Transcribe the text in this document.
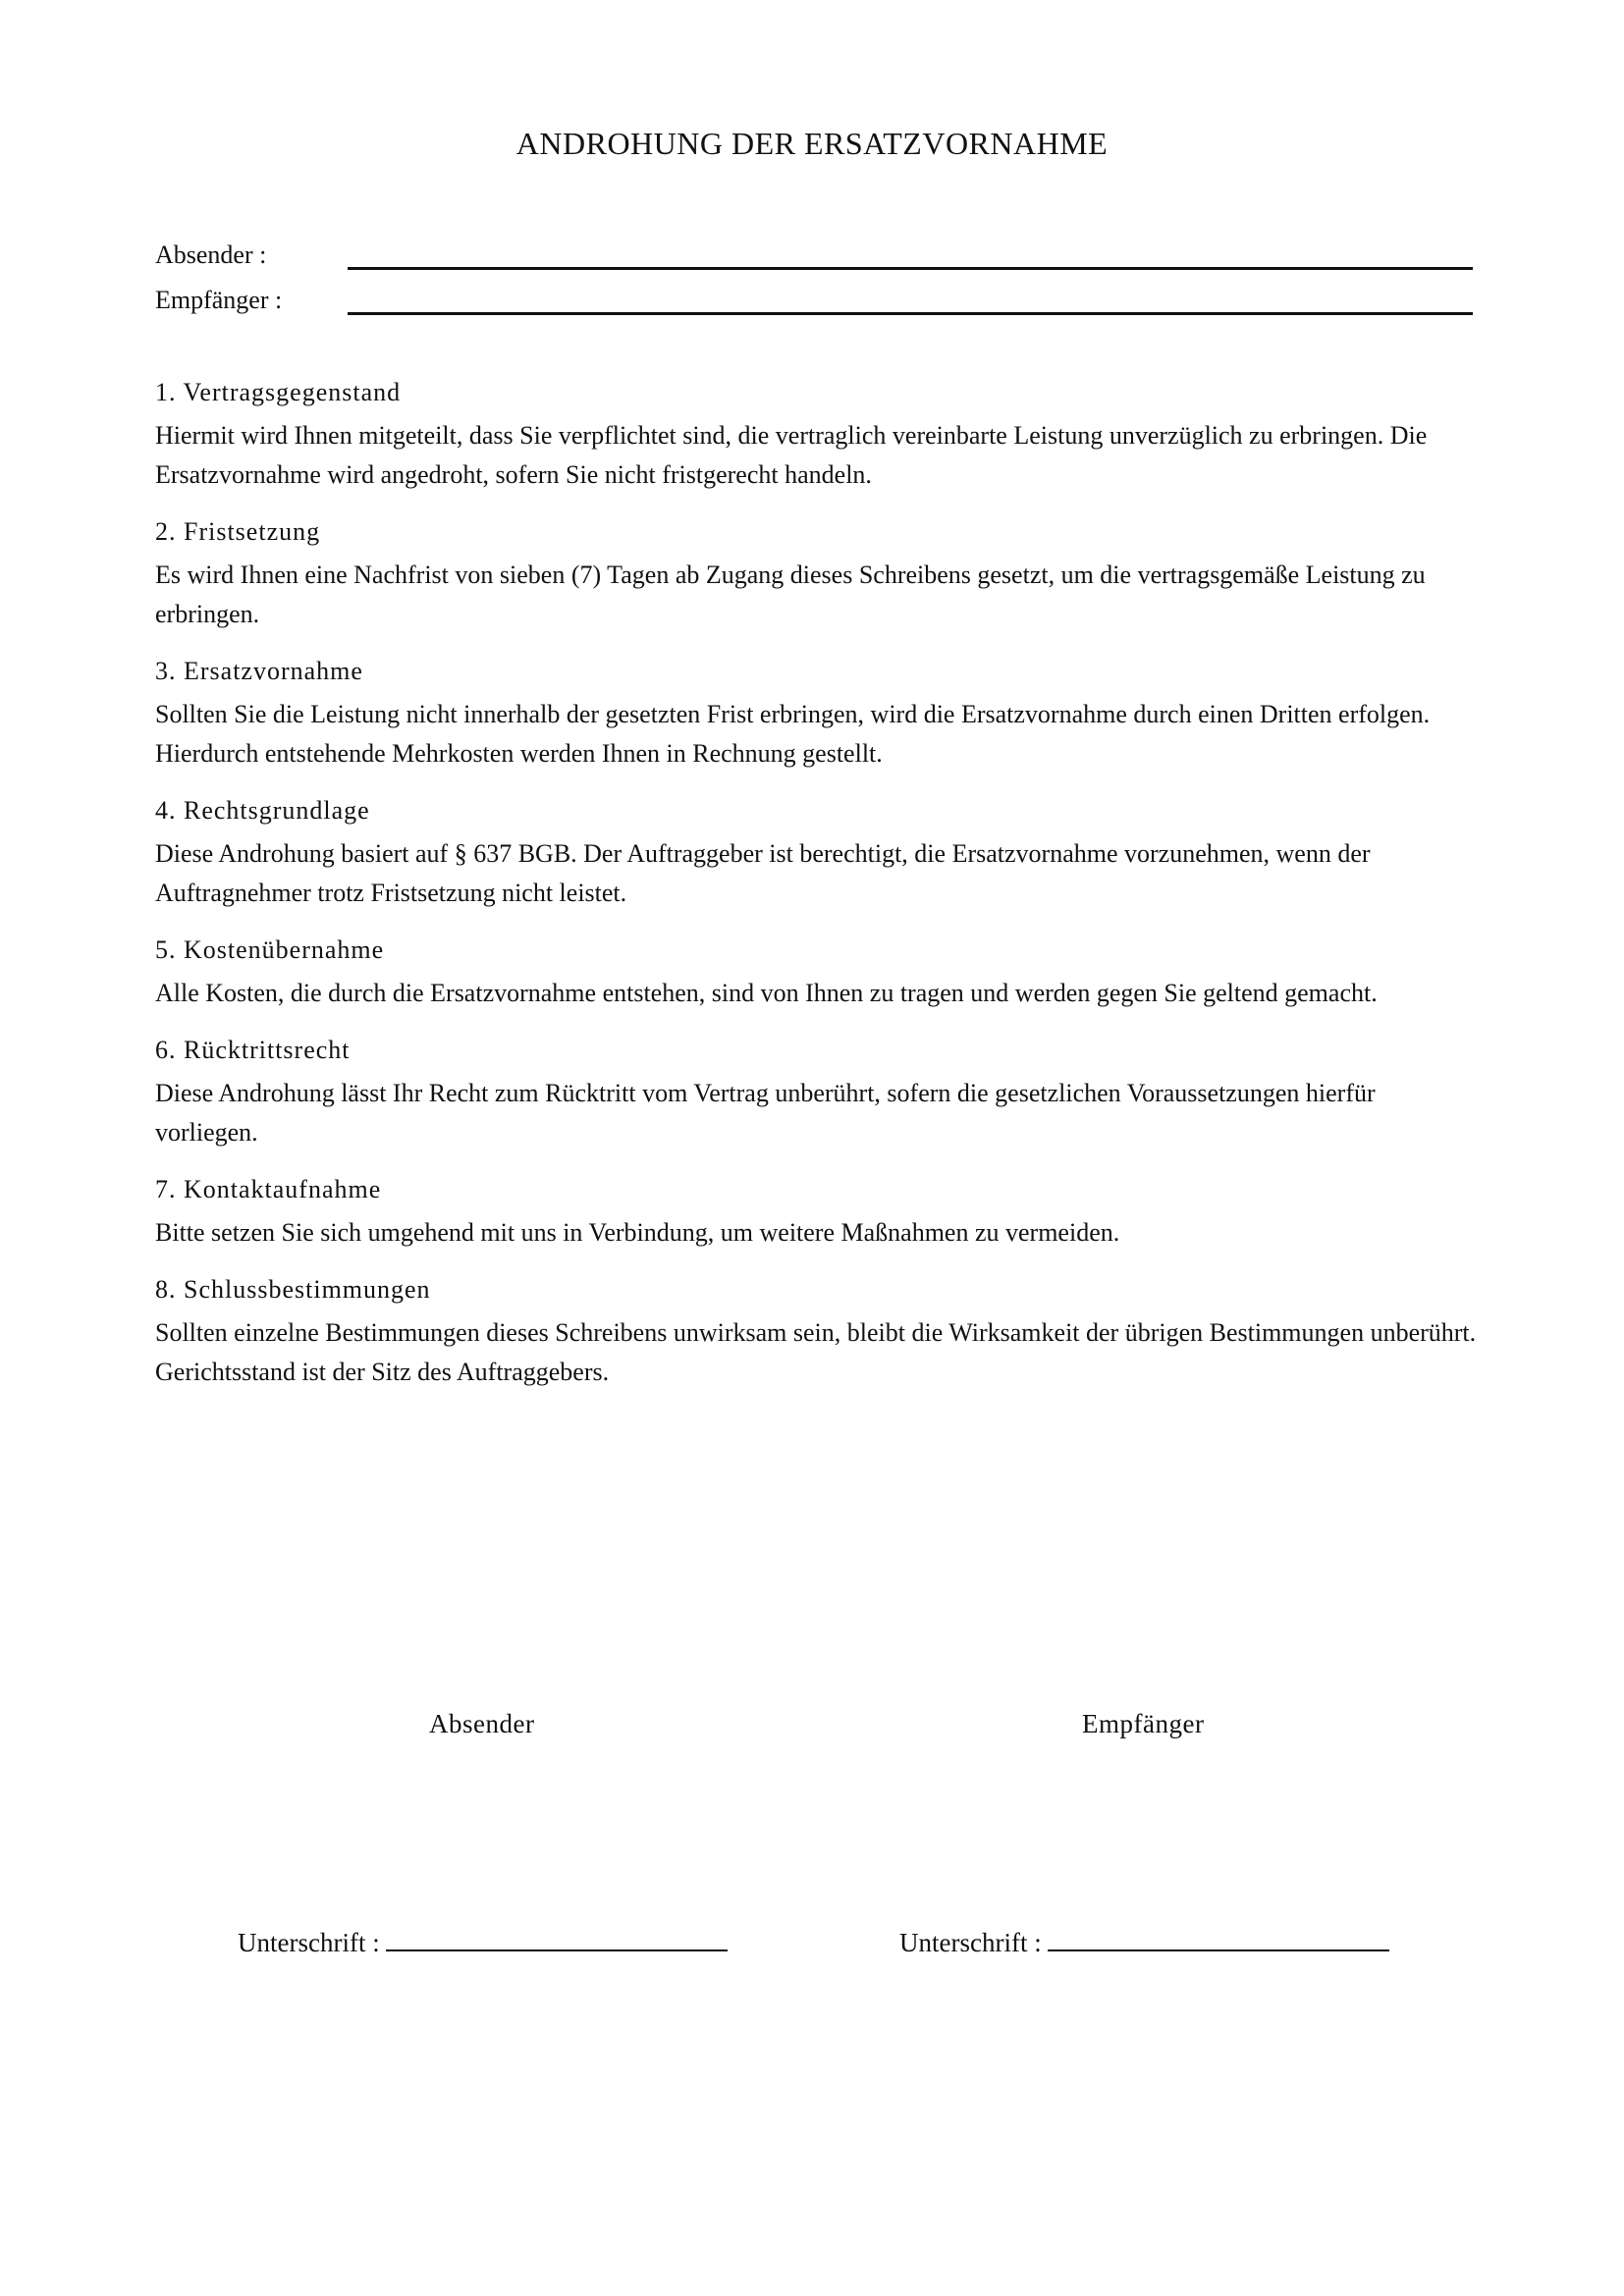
ANDROHUNG DER ERSATZVORNAHME
Absender :
Empfänger :
1. Vertragsgegenstand

Hiermit wird Ihnen mitgeteilt, dass Sie verpflichtet sind, die vertraglich vereinbarte Leistung unverzüglich zu erbringen. Die Ersatzvornahme wird angedroht, sofern Sie nicht fristgerecht handeln.

2. Fristsetzung

Es wird Ihnen eine Nachfrist von sieben (7) Tagen ab Zugang dieses Schreibens gesetzt, um die vertragsgemäße Leistung zu erbringen.

3. Ersatzvornahme

Sollten Sie die Leistung nicht innerhalb der gesetzten Frist erbringen, wird die Ersatzvornahme durch einen Dritten erfolgen. Hierdurch entstehende Mehrkosten werden Ihnen in Rechnung gestellt.

4. Rechtsgrundlage

Diese Androhung basiert auf § 637 BGB. Der Auftraggeber ist berechtigt, die Ersatzvornahme vorzunehmen, wenn der Auftragnehmer trotz Fristsetzung nicht leistet.

5. Kostenübernahme

Alle Kosten, die durch die Ersatzvornahme entstehen, sind von Ihnen zu tragen und werden gegen Sie geltend gemacht.

6. Rücktrittsrecht

Diese Androhung lässt Ihr Recht zum Rücktritt vom Vertrag unberührt, sofern die gesetzlichen Voraussetzungen hierfür vorliegen.

7. Kontaktaufnahme

Bitte setzen Sie sich umgehend mit uns in Verbindung, um weitere Maßnahmen zu vermeiden.

8. Schlussbestimmungen

Sollten einzelne Bestimmungen dieses Schreibens unwirksam sein, bleibt die Wirksamkeit der übrigen Bestimmungen unberührt. Gerichtsstand ist der Sitz des Auftraggebers.

Absender	Empfänger
Unterschrift :	Unterschrift :
